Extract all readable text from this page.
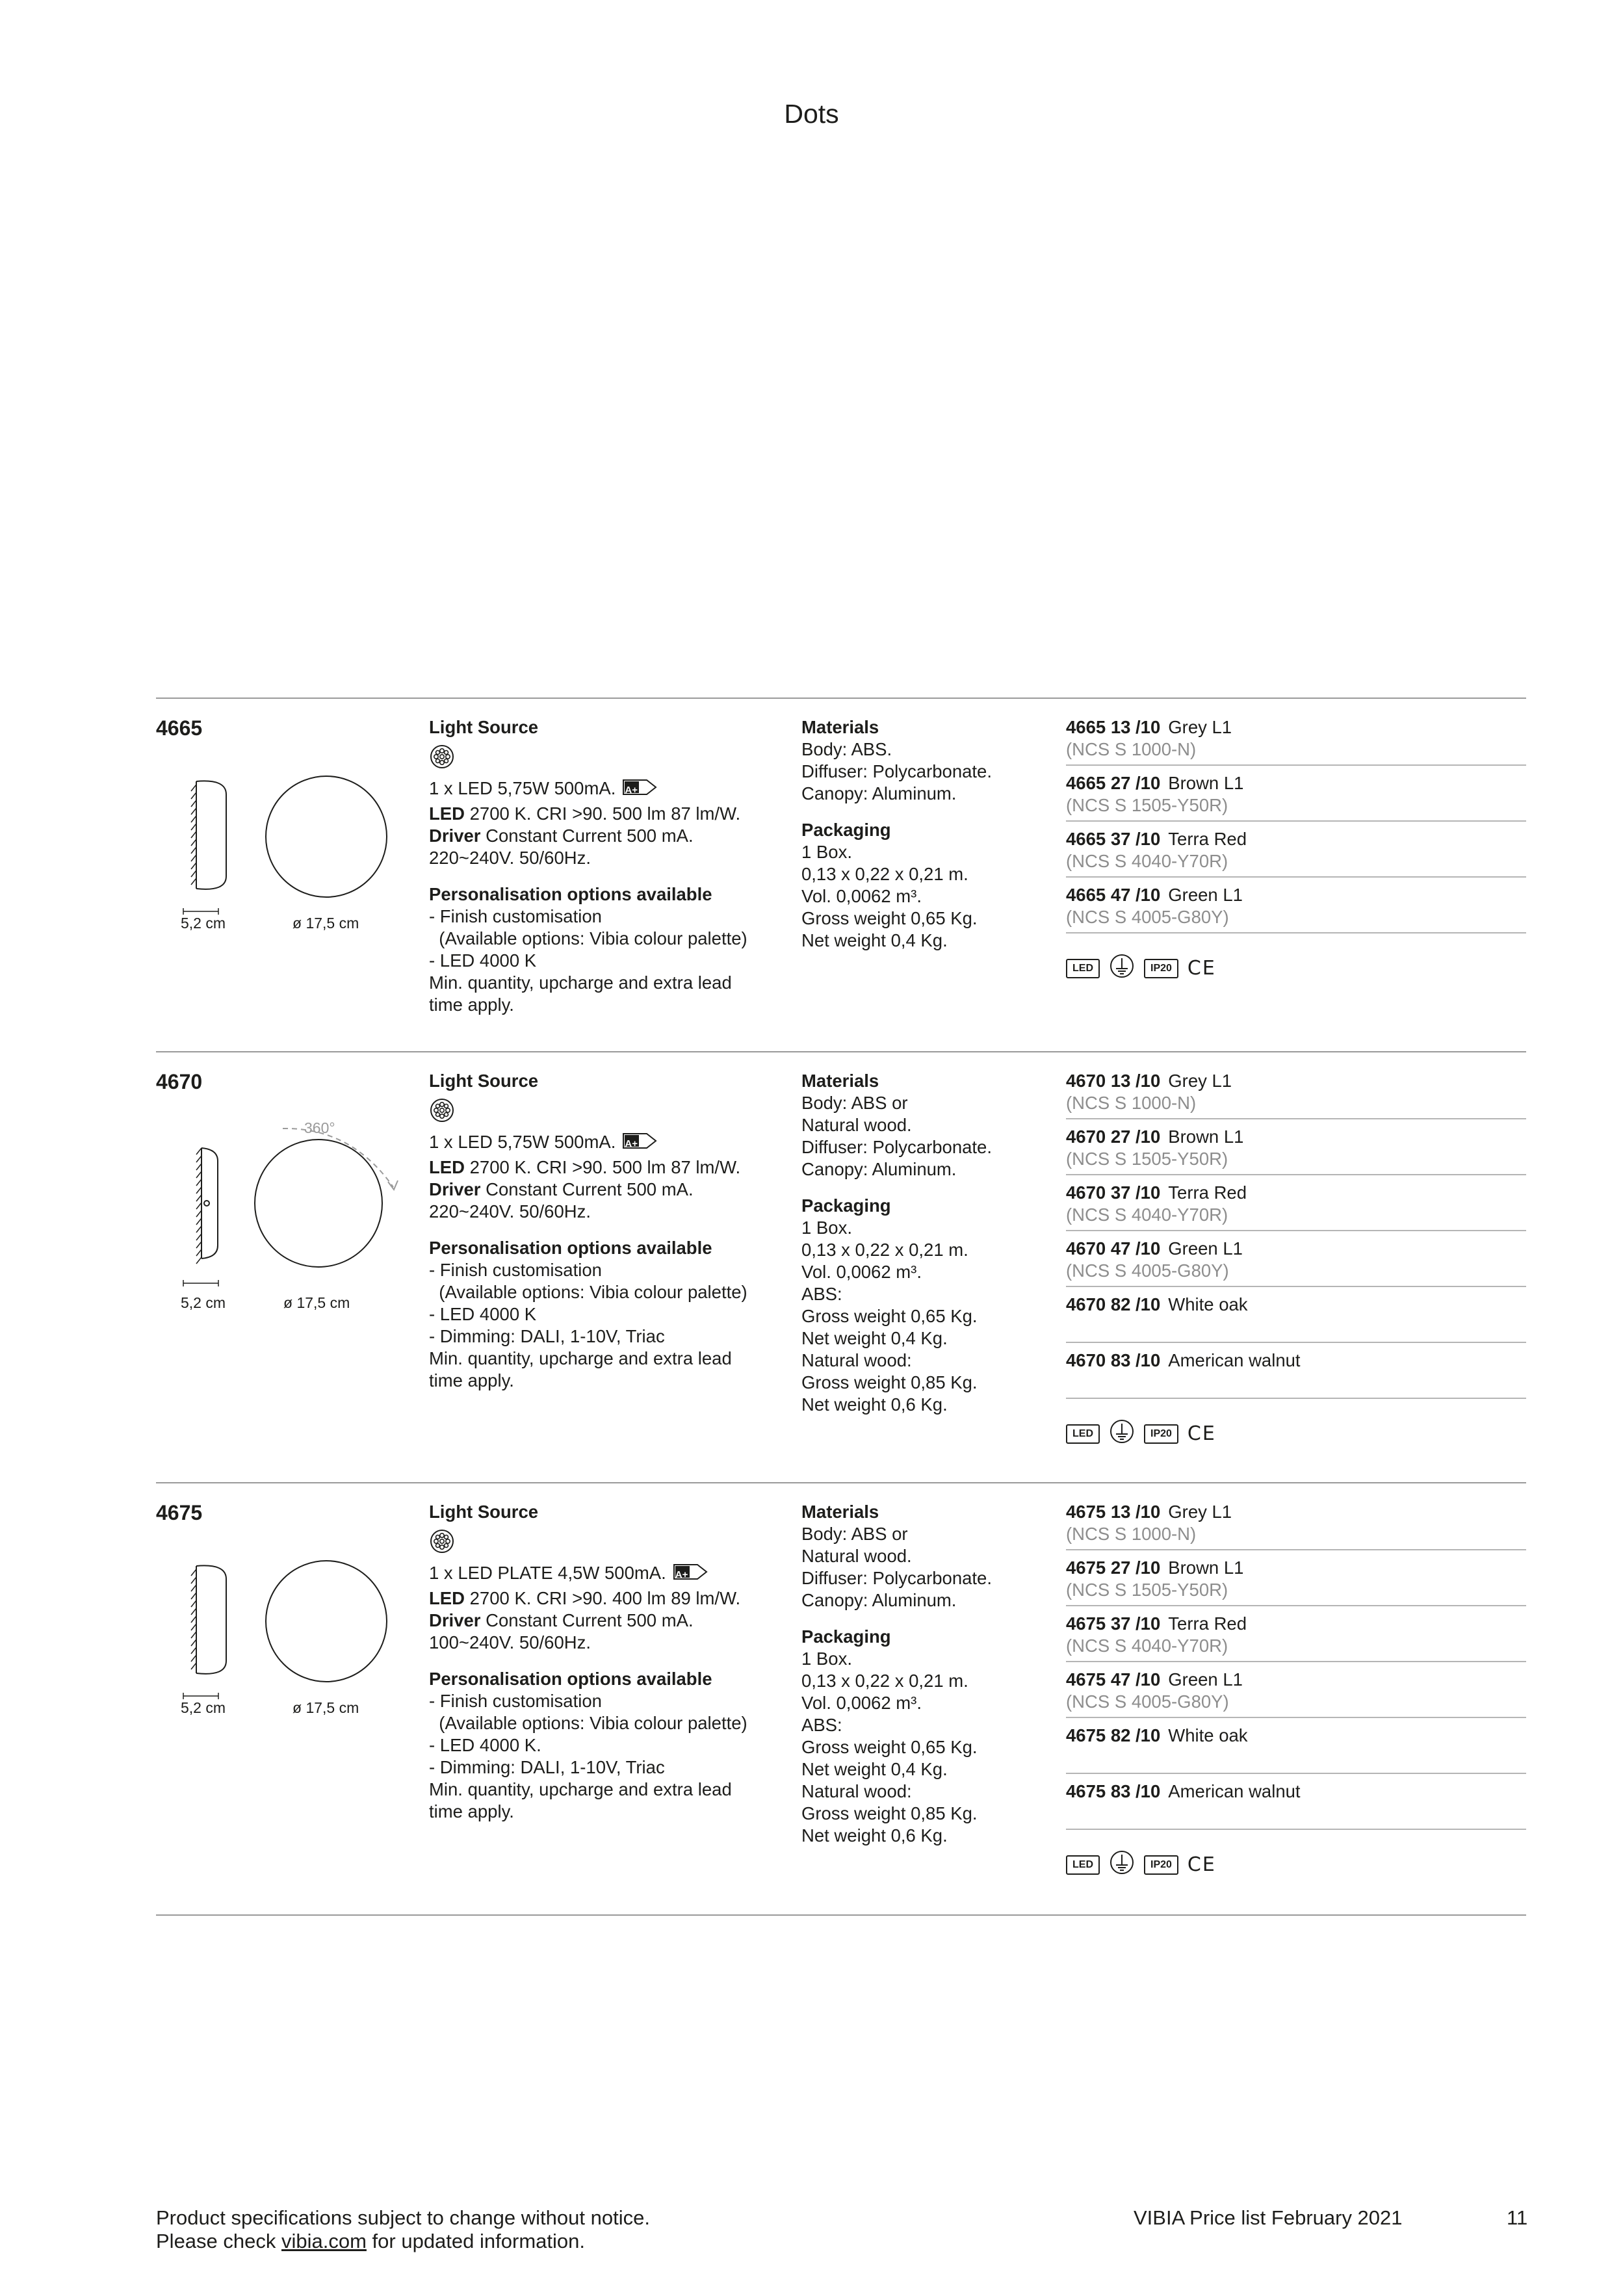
Dots
4665
5,2 cm	ø 17,5 cm
Light Source
1 x LED 5,75W 500mA. A+
LED 2700 K. CRI >90. 500 lm 87 lm/W.
Driver Constant Current 500 mA.
220~240V. 50/60Hz.
Personalisation options available
- Finish customisation
(Available options: Vibia colour palette)
- LED 4000 K
Min. quantity, upcharge and extra lead
time apply.
Materials
Body: ABS.
Diffuser: Polycarbonate.
Canopy: Aluminum.
Packaging
1 Box.
0,13 x 0,22 x 0,21 m.
Vol. 0,0062 m³.
Gross weight 0,65 Kg.
Net weight 0,4 Kg.
4665 13 /10 Grey L1
(NCS S 1000-N)
4665 27 /10 Brown L1
(NCS S 1505-Y50R)
4665 37 /10 Terra Red
(NCS S 4040-Y70R)
4665 47 /10 Green L1
(NCS S 4005-G80Y)
LED	IP20 CE
4670
5,2 cm	ø 17,5 cm
360°
Light Source
1 x LED 5,75W 500mA. A+
LED 2700 K. CRI >90. 500 lm 87 lm/W.
Driver Constant Current 500 mA.
220~240V. 50/60Hz.
Personalisation options available
- Finish customisation
(Available options: Vibia colour palette)
- LED 4000 K
- Dimming: DALI, 1-10V, Triac
Min. quantity, upcharge and extra lead
time apply.
Materials
Body: ABS or
Natural wood.
Diffuser: Polycarbonate.
Canopy: Aluminum.
Packaging
1 Box.
0,13 x 0,22 x 0,21 m.
Vol. 0,0062 m³.
ABS:
Gross weight 0,65 Kg.
Net weight 0,4 Kg.
Natural wood:
Gross weight 0,85 Kg.
Net weight 0,6 Kg.
4670 13 /10 Grey L1
(NCS S 1000-N)
4670 27 /10 Brown L1
(NCS S 1505-Y50R)
4670 37 /10 Terra Red
(NCS S 4040-Y70R)
4670 47 /10 Green L1
(NCS S 4005-G80Y)
4670 82 /10 White oak

4670 83 /10 American walnut

LED	IP20 CE
4675
5,2 cm	ø 17,5 cm
Light Source
1 x LED PLATE 4,5W 500mA. A+
LED 2700 K. CRI >90. 400 lm 89 lm/W.
Driver Constant Current 500 mA.
100~240V. 50/60Hz.
Personalisation options available
- Finish customisation
(Available options: Vibia colour palette)
- LED 4000 K.
- Dimming: DALI, 1-10V, Triac
Min. quantity, upcharge and extra lead
time apply.
Materials
Body: ABS or
Natural wood.
Diffuser: Polycarbonate.
Canopy: Aluminum.
Packaging
1 Box.
0,13 x 0,22 x 0,21 m.
Vol. 0,0062 m³.
ABS:
Gross weight 0,65 Kg.
Net weight 0,4 Kg.
Natural wood:
Gross weight 0,85 Kg.
Net weight 0,6 Kg.
4675 13 /10 Grey L1
(NCS S 1000-N)
4675 27 /10 Brown L1
(NCS S 1505-Y50R)
4675 37 /10 Terra Red
(NCS S 4040-Y70R)
4675 47 /10 Green L1
(NCS S 4005-G80Y)
4675 82 /10 White oak

4675 83 /10 American walnut

LED	IP20 CE
Product specifications subject to change without notice.
Please check vibia.com for updated information.
VIBIA Price list February 2021	11
